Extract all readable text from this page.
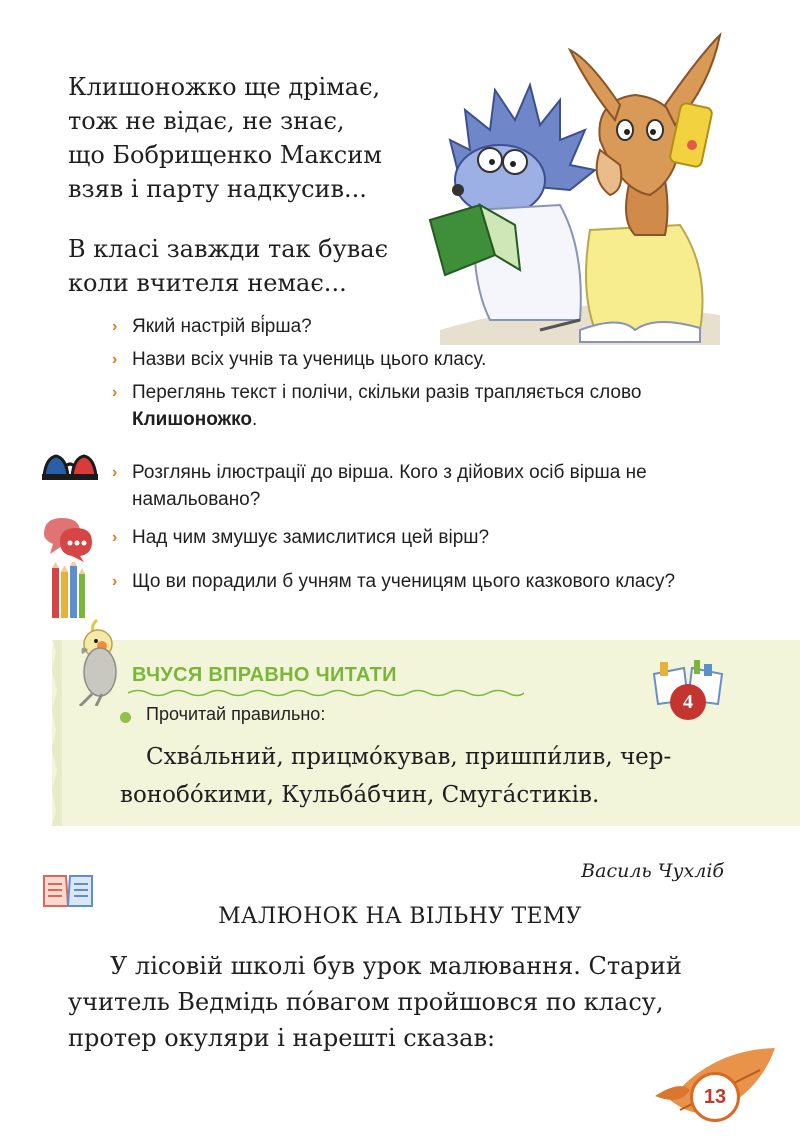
Клишоножко ще дрімає,
тож не відає, не знає,
що Бобрищенко Максим
взяв і парту надкусив...
В класі завжди так буває
коли вчителя немає...
› Який настрій ві́рша?
› Назви всіх учнів та учениць цього класу.
› Переглянь текст і полічи, скільки разів трапляється слово Клишоножко.
› Розглянь ілюстрації до вірша. Кого з дійових осіб вірша не намальовано?
› Над чим змушує замислитися цей вірш?
› Що ви порадили б учням та ученицям цього казкового класу?
ВЧУСЯ ВПРАВНО ЧИТАТИ
4
Прочитай правильно:
Схва́льний, прицмо́кував, пришпи́лив, чер-
вонобо́кими, Кульба́бчин, Смуга́стиків.
Василь Чухліб
МАЛЮНОК НА ВІЛЬНУ ТЕМУ
У лісовій школі був урок малювання. Старий
учитель Ведмідь по́вагом пройшовся по класу,
протер окуляри і нарешті сказав:
13
